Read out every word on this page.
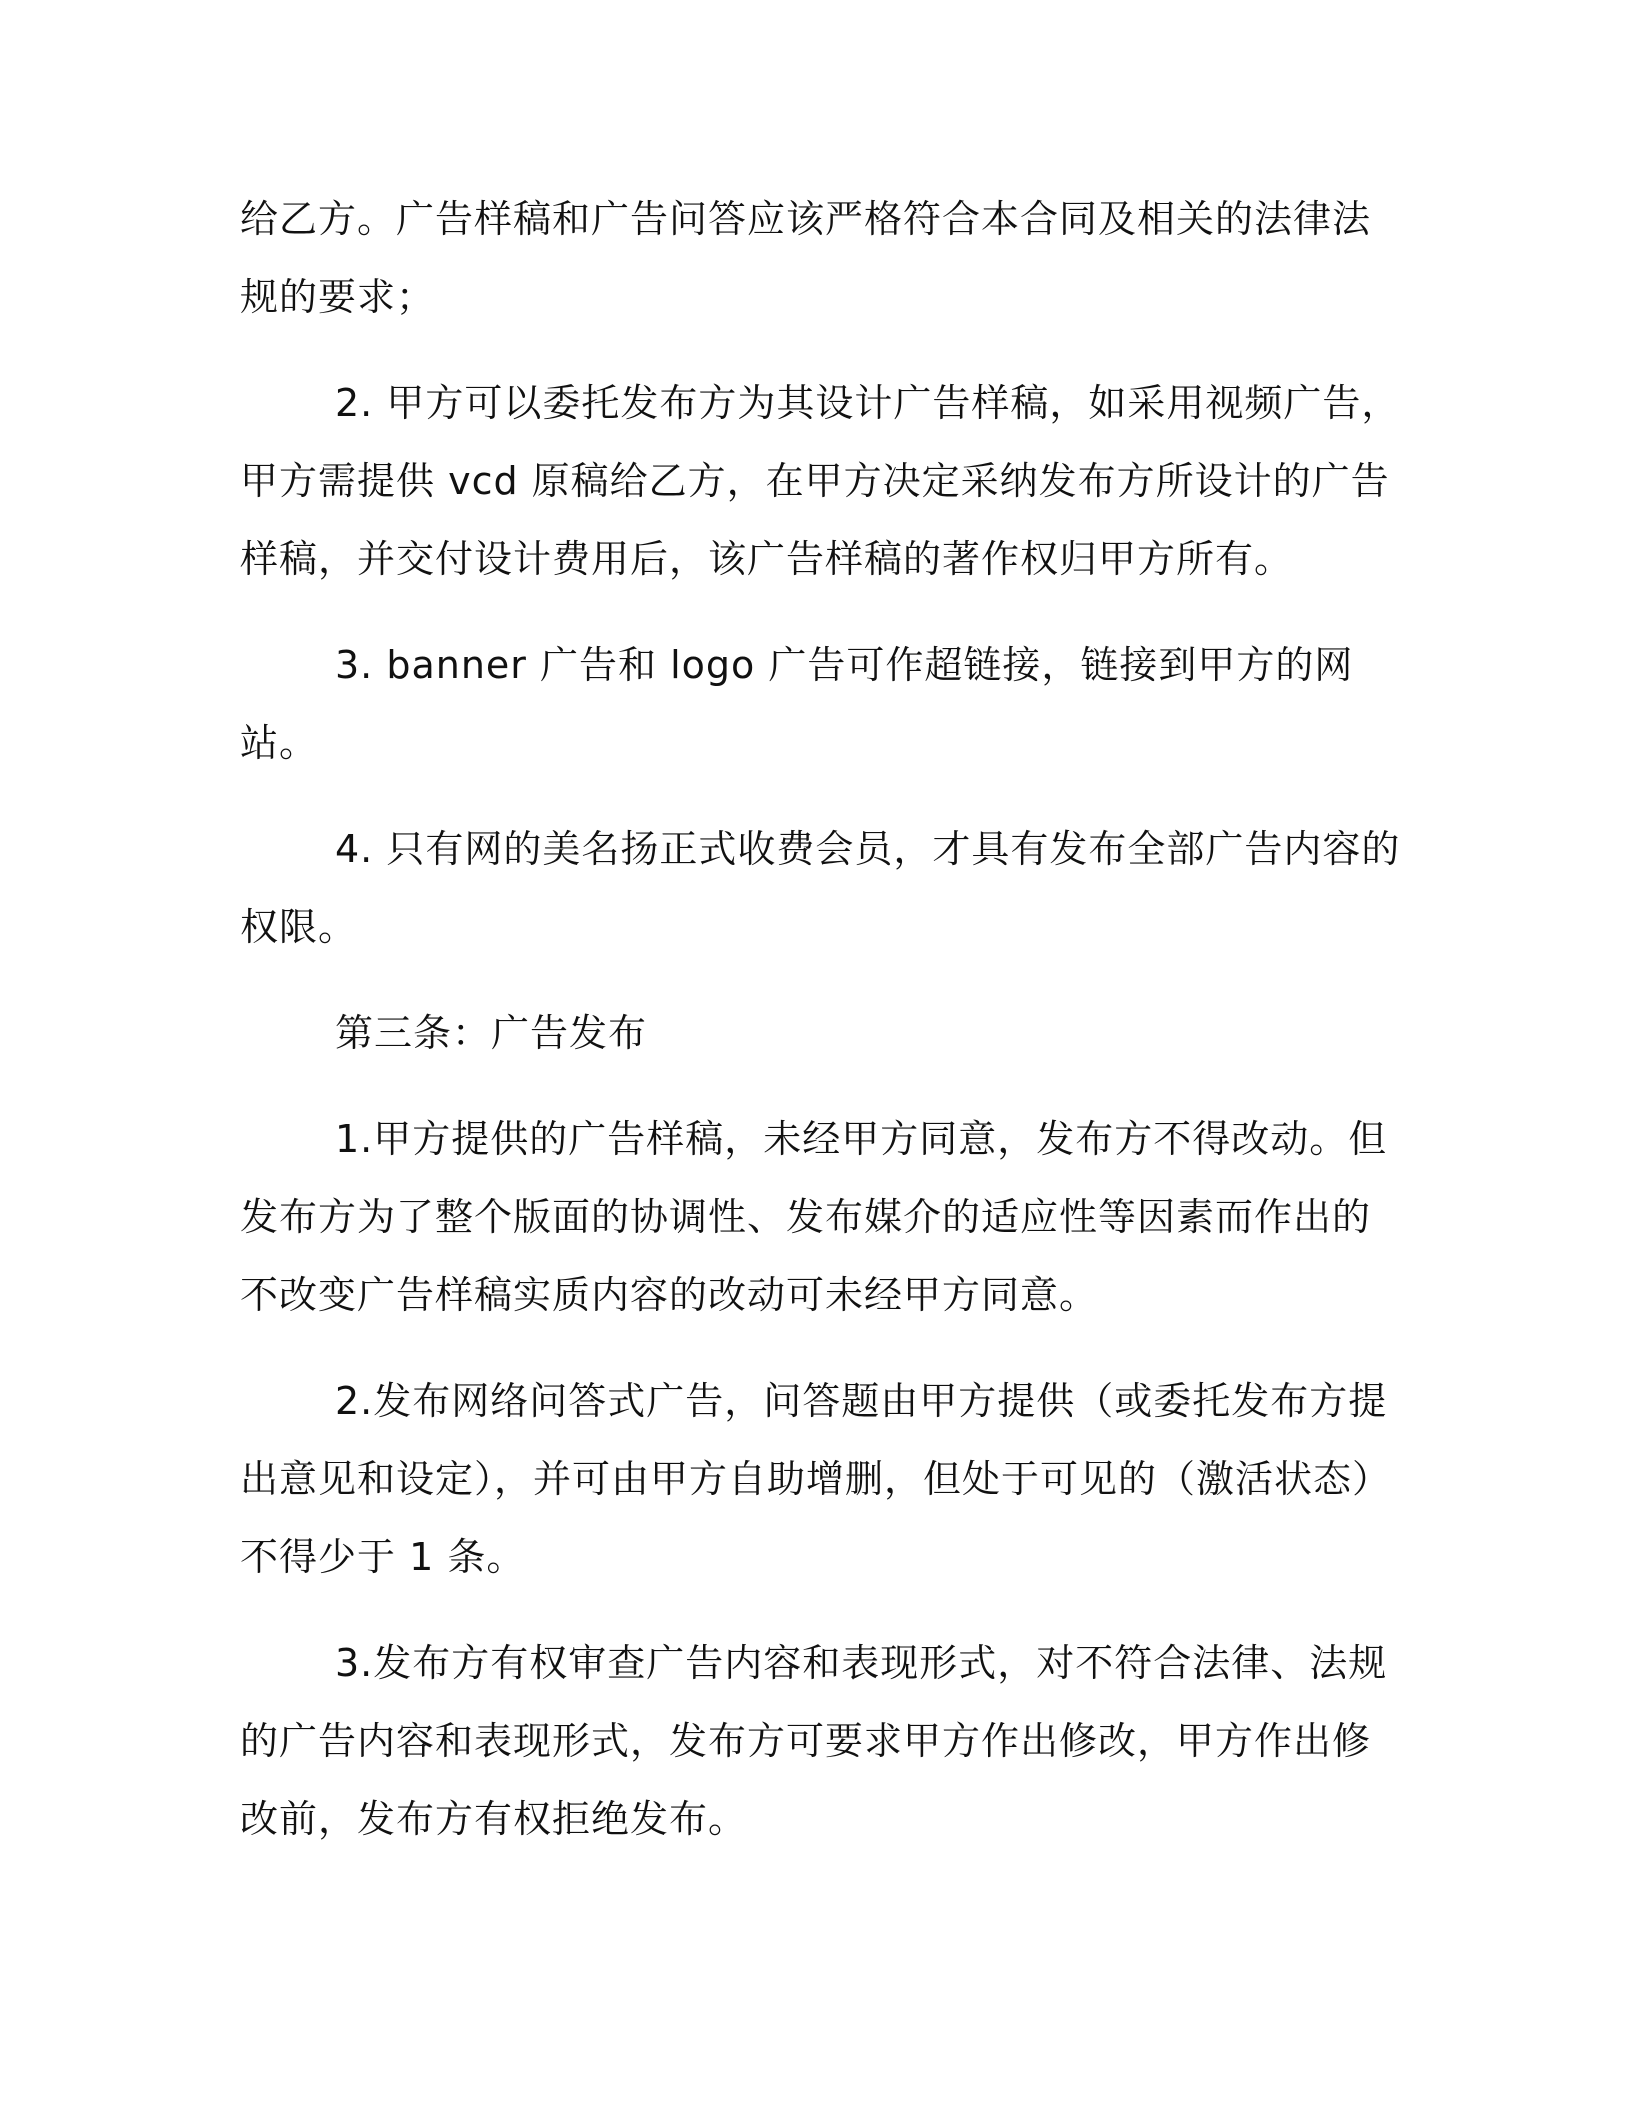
给乙方。广告样稿和广告问答应该严格符合本合同及相关的法律法规的要求；

2. 甲方可以委托发布方为其设计广告样稿，如采用视频广告，甲方需提供 vcd 原稿给乙方，在甲方决定采纳发布方所设计的广告样稿，并交付设计费用后，该广告样稿的著作权归甲方所有。

3. banner 广告和 logo 广告可作超链接，链接到甲方的网站。

4. 只有网的美名扬正式收费会员，才具有发布全部广告内容的权限。

第三条：广告发布

1.甲方提供的广告样稿，未经甲方同意，发布方不得改动。但发布方为了整个版面的协调性、发布媒介的适应性等因素而作出的不改变广告样稿实质内容的改动可未经甲方同意。

2.发布网络问答式广告，问答题由甲方提供（或委托发布方提出意见和设定），并可由甲方自助增删，但处于可见的（激活状态）不得少于 1 条。

3.发布方有权审查广告内容和表现形式，对不符合法律、法规的广告内容和表现形式，发布方可要求甲方作出修改，甲方作出修改前，发布方有权拒绝发布。
